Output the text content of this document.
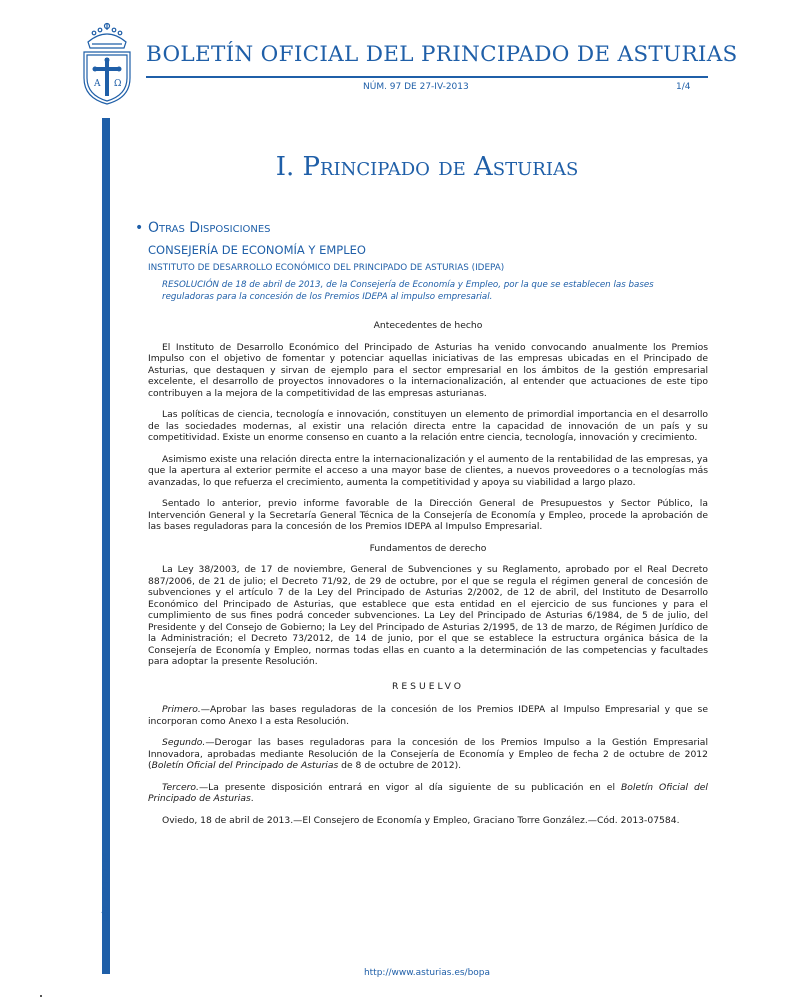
A Ω
BOLETÍN OFICIAL DEL PRINCIPADO DE ASTURIAS
NÚM. 97 DE 27-IV-2013	1/4
Cód. 2013-07584
I. Principado de Asturias
• Otras Disposiciones
CONSEJERÍA DE ECONOMÍA Y EMPLEO
INSTITUTO DE DESARROLLO ECONÓMICO DEL PRINCIPADO DE ASTURIAS (IDEPA)
RESOLUCIÓN de 18 de abril de 2013, de la Consejería de Economía y Empleo, por la que se establecen las bases reguladoras para la concesión de los Premios IDEPA al impulso empresarial.

Antecedentes de hecho

El Instituto de Desarrollo Económico del Principado de Asturias ha venido convocando anualmente los Premios Impulso con el objetivo de fomentar y potenciar aquellas iniciativas de las empresas ubicadas en el Principado de Asturias, que destaquen y sirvan de ejemplo para el sector empresarial en los ámbitos de la gestión empresarial excelente, el desarrollo de proyectos innovadores o la internacionalización, al entender que actuaciones de este tipo contribuyen a la mejora de la competitividad de las empresas asturianas.

Las políticas de ciencia, tecnología e innovación, constituyen un elemento de primordial importancia en el desarrollo de las sociedades modernas, al existir una relación directa entre la capacidad de innovación de un país y su competitividad. Existe un enorme consenso en cuanto a la relación entre ciencia, tecnología, innovación y crecimiento.

Asimismo existe una relación directa entre la internacionalización y el aumento de la rentabilidad de las empresas, ya que la apertura al exterior permite el acceso a una mayor base de clientes, a nuevos proveedores o a tecnologías más avanzadas, lo que refuerza el crecimiento, aumenta la competitividad y apoya su viabilidad a largo plazo.

Sentado lo anterior, previo informe favorable de la Dirección General de Presupuestos y Sector Público, la Intervención General y la Secretaría General Técnica de la Consejería de Economía y Empleo, procede la aprobación de las bases reguladoras para la concesión de los Premios IDEPA al Impulso Empresarial.

Fundamentos de derecho

La Ley 38/2003, de 17 de noviembre, General de Subvenciones y su Reglamento, aprobado por el Real Decreto 887/2006, de 21 de julio; el Decreto 71/92, de 29 de octubre, por el que se regula el régimen general de concesión de subvenciones y el artículo 7 de la Ley del Principado de Asturias 2/2002, de 12 de abril, del Instituto de Desarrollo Económico del Principado de Asturias, que establece que esta entidad en el ejercicio de sus funciones y para el cumplimiento de sus fines podrá conceder subvenciones. La Ley del Principado de Asturias 6/1984, de 5 de julio, del Presidente y del Consejo de Gobierno; la Ley del Principado de Asturias 2/1995, de 13 de marzo, de Régimen Jurídico de la Administración; el Decreto 73/2012, de 14 de junio, por el que se establece la estructura orgánica básica de la Consejería de Economía y Empleo, normas todas ellas en cuanto a la determinación de las competencias y facultades para adoptar la presente Resolución.

RESUELVO

Primero.—Aprobar las bases reguladoras de la concesión de los Premios IDEPA al Impulso Empresarial y que se incorporan como Anexo I a esta Resolución.

Segundo.—Derogar las bases reguladoras para la concesión de los Premios Impulso a la Gestión Empresarial Innovadora, aprobadas mediante Resolución de la Consejería de Economía y Empleo de fecha 2 de octubre de 2012 (Boletín Oficial del Principado de Asturias de 8 de octubre de 2012).

Tercero.—La presente disposición entrará en vigor al día siguiente de su publicación en el Boletín Oficial del Principado de Asturias.

Oviedo, 18 de abril de 2013.—El Consejero de Economía y Empleo, Graciano Torre González.—Cód. 2013-07584.

http://www.asturias.es/bopa
